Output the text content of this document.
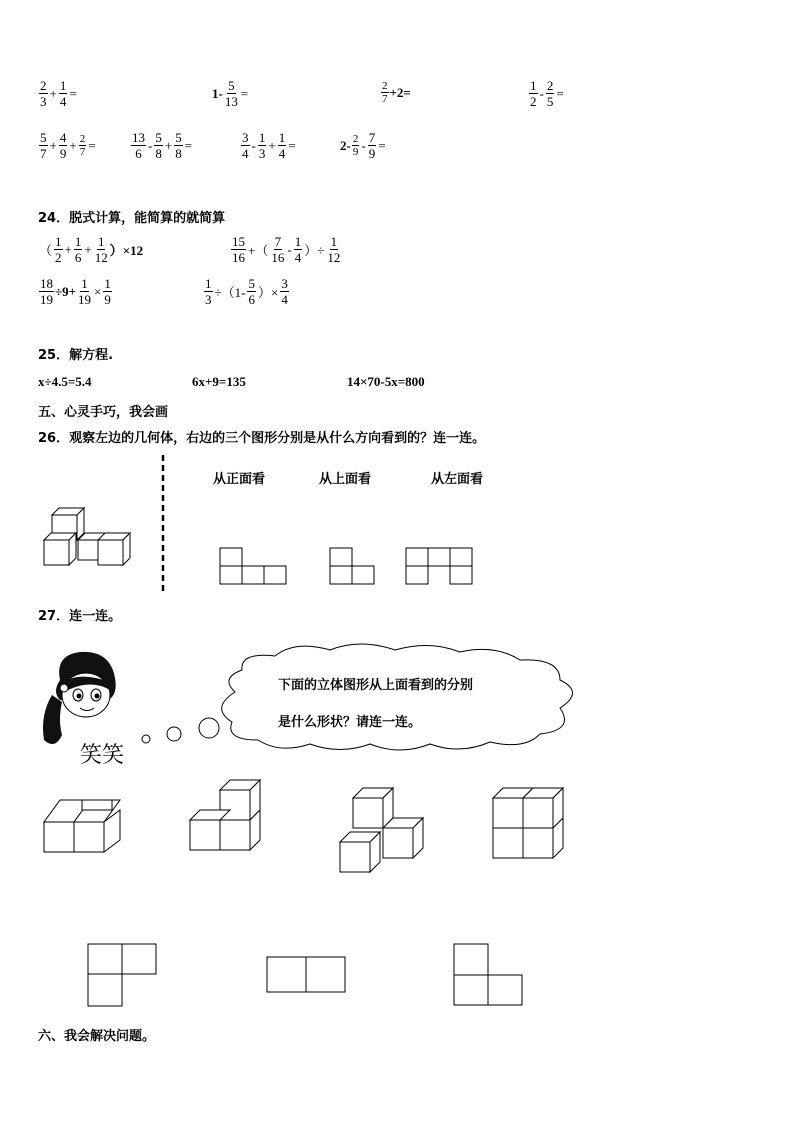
$\frac{2}{3} + \frac{1}{4}$ =	$1- \frac{5}{13}$ =	$\frac{2}{7} +2=$	$\frac{1}{2} - \frac{2}{5}$ =
$\frac{5}{7} + \frac{4}{9} + \frac{2}{7}$ =	$\frac{13}{6} - \frac{5}{8} + \frac{5}{8}$ =	$\frac{3}{4} - \frac{1}{3} + \frac{1}{4}$ =	$2- \frac{2}{9} - \frac{7}{9}$ =
24．脱式计算，能简算的就简算
（ $\frac{1}{2} + \frac{1}{6} + \frac{1}{12} )\times 12$	$\frac{15}{16}$ +（ $\frac{7}{16} - \frac{1}{4}$ ）÷ $\frac{1}{12}$
$\frac{18}{19} \div 9+ \frac{1}{19} \times \frac{1}{9}$	$\frac{1}{3} \div(1- \frac{5}{6}$ ）× $\frac{3}{4}$
25．解方程.
x÷4.5=5.4	6x+9=135	14×70-5x=800
五、心灵手巧，我会画
26．观察左边的几何体，右边的三个图形分别是从什么方向看到的？连一连。
从正面看	从上面看	从左面看
27．连一连。
笑笑
下面的立体图形从上面看到的分别
是什么形状？请连一连。
六、我会解决问题。
